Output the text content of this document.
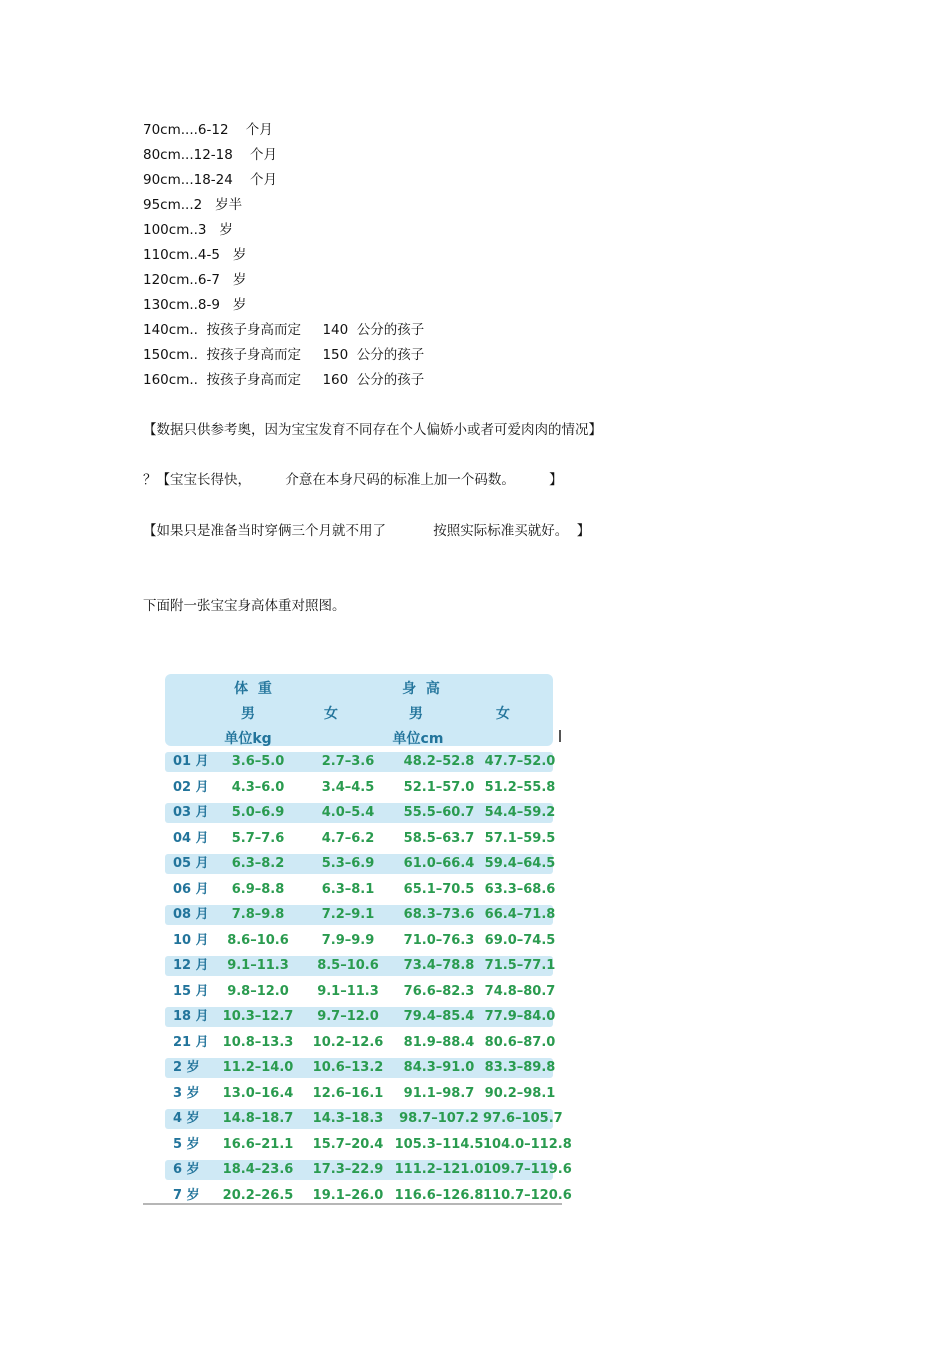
70cm....6-12    个月
80cm...12-18    个月
90cm...18-24    个月
95cm...2   岁半
100cm..3   岁
110cm..4-5   岁
120cm..6-7   岁
130cm..8-9   岁
140cm..  按孩子身高而定     140  公分的孩子
150cm..  按孩子身高而定     150  公分的孩子
160cm..  按孩子身高而定     160  公分的孩子
【数据只供参考奥，因为宝宝发育不同存在个人偏娇小或者可爱肉肉的情况】
？【宝宝长得快，        介意在本身尺码的标准上加一个码数。        】
【如果只是准备当时穿俩三个月就不用了           按照实际标准买就好。  】
下面附一张宝宝身高体重对照图。
体  重	身  高
男	女	男	女
单位kg	单位cm
01 月	3.6–5.0	2.7–3.6	48.2–52.8 47.7–52.0
02 月	4.3–6.0	3.4–4.5	52.1–57.0 51.2–55.8
03 月	5.0–6.9	4.0–5.4	55.5–60.7 54.4–59.2
04 月	5.7–7.6	4.7–6.2	58.5–63.7 57.1–59.5
05 月	6.3–8.2	5.3–6.9	61.0–66.4 59.4–64.5
06 月	6.9–8.8	6.3–8.1	65.1–70.5 63.3–68.6
08 月	7.8–9.8	7.2–9.1	68.3–73.6 66.4–71.8
10 月	8.6–10.6	7.9–9.9	71.0–76.3 69.0–74.5
12 月	9.1–11.3	8.5–10.6	73.4–78.8 71.5–77.1
15 月	9.8–12.0	9.1–11.3	76.6–82.3 74.8–80.7
18 月	10.3–12.7	9.7–12.0	79.4–85.4 77.9–84.0
21 月	10.8–13.3	10.2–12.6	81.9–88.4 80.6–87.0
2 岁	11.2–14.0	10.6–13.2	84.3–91.0 83.3–89.8
3 岁	13.0–16.4	12.6–16.1	91.1–98.7 90.2–98.1
4 岁	14.8–18.7	14.3–18.3	98.7–107.2 97.6–105.7
5 岁	16.6–21.1	15.7–20.4 105.3–114.5 104.0–112.8
6 岁	18.4–23.6	17.3–22.9 111.2–121.0 109.7–119.6
7 岁	20.2–26.5	19.1–26.0 116.6–126.8 110.7–120.6
